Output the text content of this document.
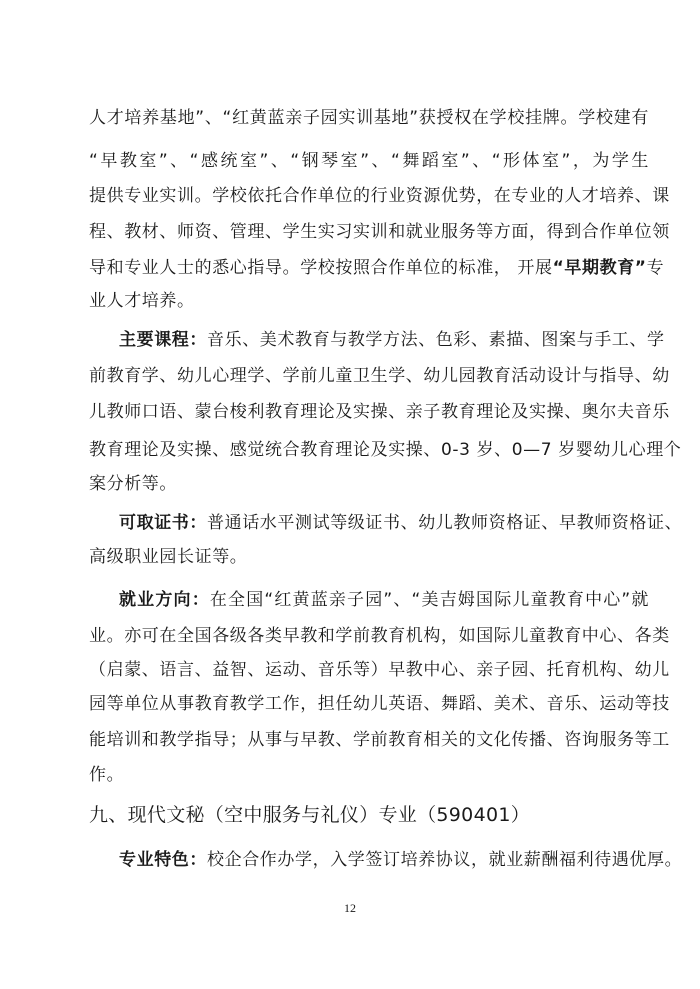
人才培养基地”、“红黄蓝亲子园实训基地”获授权在学校挂牌。学校建有
“早教室”、“感统室”、“钢琴室”、“舞蹈室”、“形体室”，为学生
提供专业实训。学校依托合作单位的行业资源优势，在专业的人才培养、课
程、教材、师资、管理、学生实习实训和就业服务等方面，得到合作单位领
导和专业人士的悉心指导。学校按照合作单位的标准， 开展“早期教育”专
业人才培养。
主要课程：音乐、美术教育与教学方法、色彩、素描、图案与手工、学
前教育学、幼儿心理学、学前儿童卫生学、幼儿园教育活动设计与指导、幼
儿教师口语、蒙台梭利教育理论及实操、亲子教育理论及实操、奥尔夫音乐
教育理论及实操、感觉统合教育理论及实操、0-3 岁、0—7 岁婴幼儿心理个
案分析等。
可取证书：普通话水平测试等级证书、幼儿教师资格证、早教师资格证、
高级职业园长证等。
就业方向：在全国“红黄蓝亲子园”、“美吉姆国际儿童教育中心”就
业。亦可在全国各级各类早教和学前教育机构，如国际儿童教育中心、各类
（启蒙、语言、益智、运动、音乐等）早教中心、亲子园、托育机构、幼儿
园等单位从事教育教学工作，担任幼儿英语、舞蹈、美术、音乐、运动等技
能培训和教学指导；从事与早教、学前教育相关的文化传播、咨询服务等工
作。
九、现代文秘（空中服务与礼仪）专业（590401）
专业特色：校企合作办学，入学签订培养协议，就业薪酬福利待遇优厚。
12
